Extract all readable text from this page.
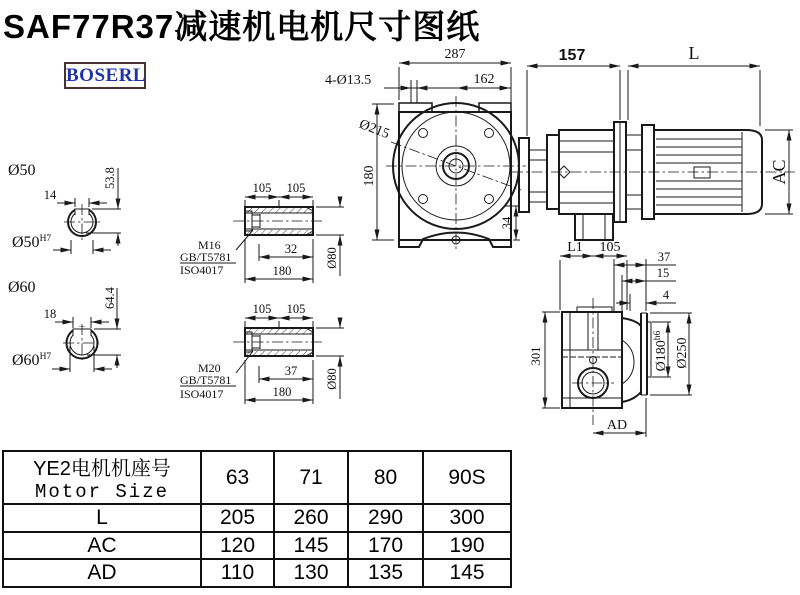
SAF77R37减速机电机尺寸图纸
BOSERL
287
162
4-Ø13.5
Ø215
180
34
157	L
AC
L1 105
37
15
4
301	$Ø180^{h6}$
Ø250
AD
105 105
M16
GB/T5781
ISO4017
32
180
Ø80
105 105
M20
GB/T5781
ISO4017
37
180
Ø80
Ø50
14
53.8
$Ø50^{H7}$
Ø60
18
64.4
$Ø60^{H7}$
YE2电机机座号
Motor Size	63	71	80	90S
L	205	260	290	300
AC	120	145	170	190
AD	110	130	135	145
